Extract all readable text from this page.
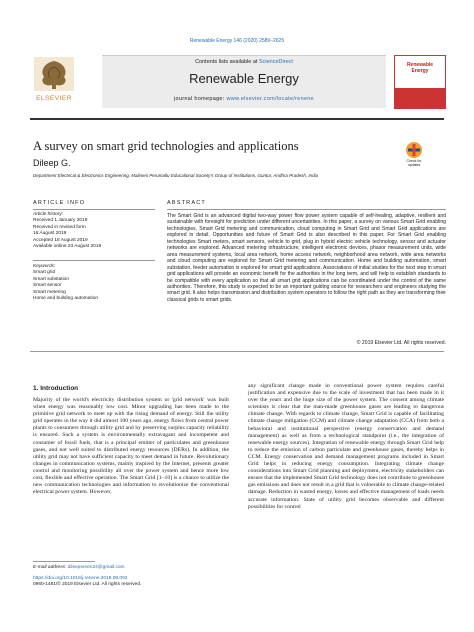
Renewable Energy 146 (2020) 2589–2625
ELSEVIER
Contents lists available at ScienceDirect
Renewable Energy
journal homepage: www.elsevier.com/locate/renene
Renewable Energy
A survey on smart grid technologies and applications
Dileep G.
Department Electrical & Electronics Engineering, Malineni Perumallu Educational Society's Group of Institutions, Guntur, Andhra Pradesh, India
Check for updates
ARTICLE INFO
Article history:
Received 1 January 2019
Received in revised form
16 August 2019
Accepted 18 August 2019
Available online 23 August 2019
Keywords:
Smart grid
Smart substation
Smart sensor
Smart metering
Home and building automation
ABSTRACT
The Smart Grid is an advanced digital two-way power flow power system capable of self-healing, adaptive, resilient and sustainable with foresight for prediction under different uncertainties. In this paper, a survey on various Smart Grid enabling technologies, Smart Grid metering and communication, cloud computing in Smart Grid and Smart Grid applications are explored in detail. Opportunities and future of Smart Grid is also described in this paper. For Smart Grid enabling technologies Smart meters, smart sensors, vehicle to grid, plug in hybrid electric vehicle technology, sensor and actuator networks are explored. Advanced metering infrastructure, intelligent electronic devices, phasor measurement units, wide area measurement systems, local area network, home access network, neighborhood area network, wide area networks and cloud computing are explored for Smart Grid metering and communication. Home and building automation, smart substation, feeder automation is explored for smart grid applications. Associations of initial studies for the next step in smart grid applications will provide an economic benefit for the authorities in the long term, and will help to establish standards to be compatible with every application so that all smart grid applications can be coordinated under the control of the same authorities. Therefore, this study is expected to be an important guiding source for researchers and engineers studying the smart grid. It also helps transmission and distribution system operators to follow the right path as they are transforming their classical grids to smart grids.
© 2019 Elsevier Ltd. All rights reserved.
1. Introduction
Majority of the world's electricity distribution system or 'grid network' was built when energy was reasonably low cost. Minor upgrading has been made to the primitive grid network to meet up with the rising demand of energy. Still the utility grid operates in the way it did almost 100 years ago, energy flows from central power plants to consumers through utility grid and by preserving surplus capacity reliability is ensured. Such a system is environmentally extravagant and incompetent and consumer of fossil fuels, that is a principal emitter of particulates and greenhouse gases, and not well suited to distributed energy resources (DERs). In addition, the utility grid may not have sufficient capacity to meet demand in future. Revolutionary changes in communication systems, mainly inspired by the Internet, presents greater control and monitoring possibility all over the power system and hence more low cost, flexible and effective operation. The Smart Grid [1–10] is a chance to utilize the new communication technologies and information to revolutionize the conventional electrical power system. However,
any significant change made in conventional power system requires careful justification and expensive due to the scale of investment that has been made in it over the years and the huge size of the power system. The consent among climate scientists is clear that the man-made greenhouse gases are leading to dangerous climate change. With regards to climate change, Smart Grid is capable of facilitating climate change mitigation (CCM) and climate change adaptation (CCA) from both a behavioral and institutional perspective (energy conservation and demand management) as well as from a technological standpoint (i.e., the integration of renewable energy sources). Integration of renewable energy through Smart Grid help to reduce the emission of carbon particulate and greenhouse gases, thereby helps in CCM. Energy conservation and demand management programs included in Smart Grid helps in reducing energy consumption. Integrating climate change considerations into Smart Grid planning and deployment, electricity stakeholders can ensure that the implemented Smart Grid technology does not contribute to greenhouse gas emissions and does not result in a grid that is vulnerable to climate change-related damage. Reduction in wasted energy, losses and effective management of loads needs accurate information. State of utility grid becomes observable and different possibilities for control
E-mail address: dileepsreen24@gmail.com
https://doi.org/10.1016/j.renene.2019.08.092
0960-1481/© 2019 Elsevier Ltd. All rights reserved.
